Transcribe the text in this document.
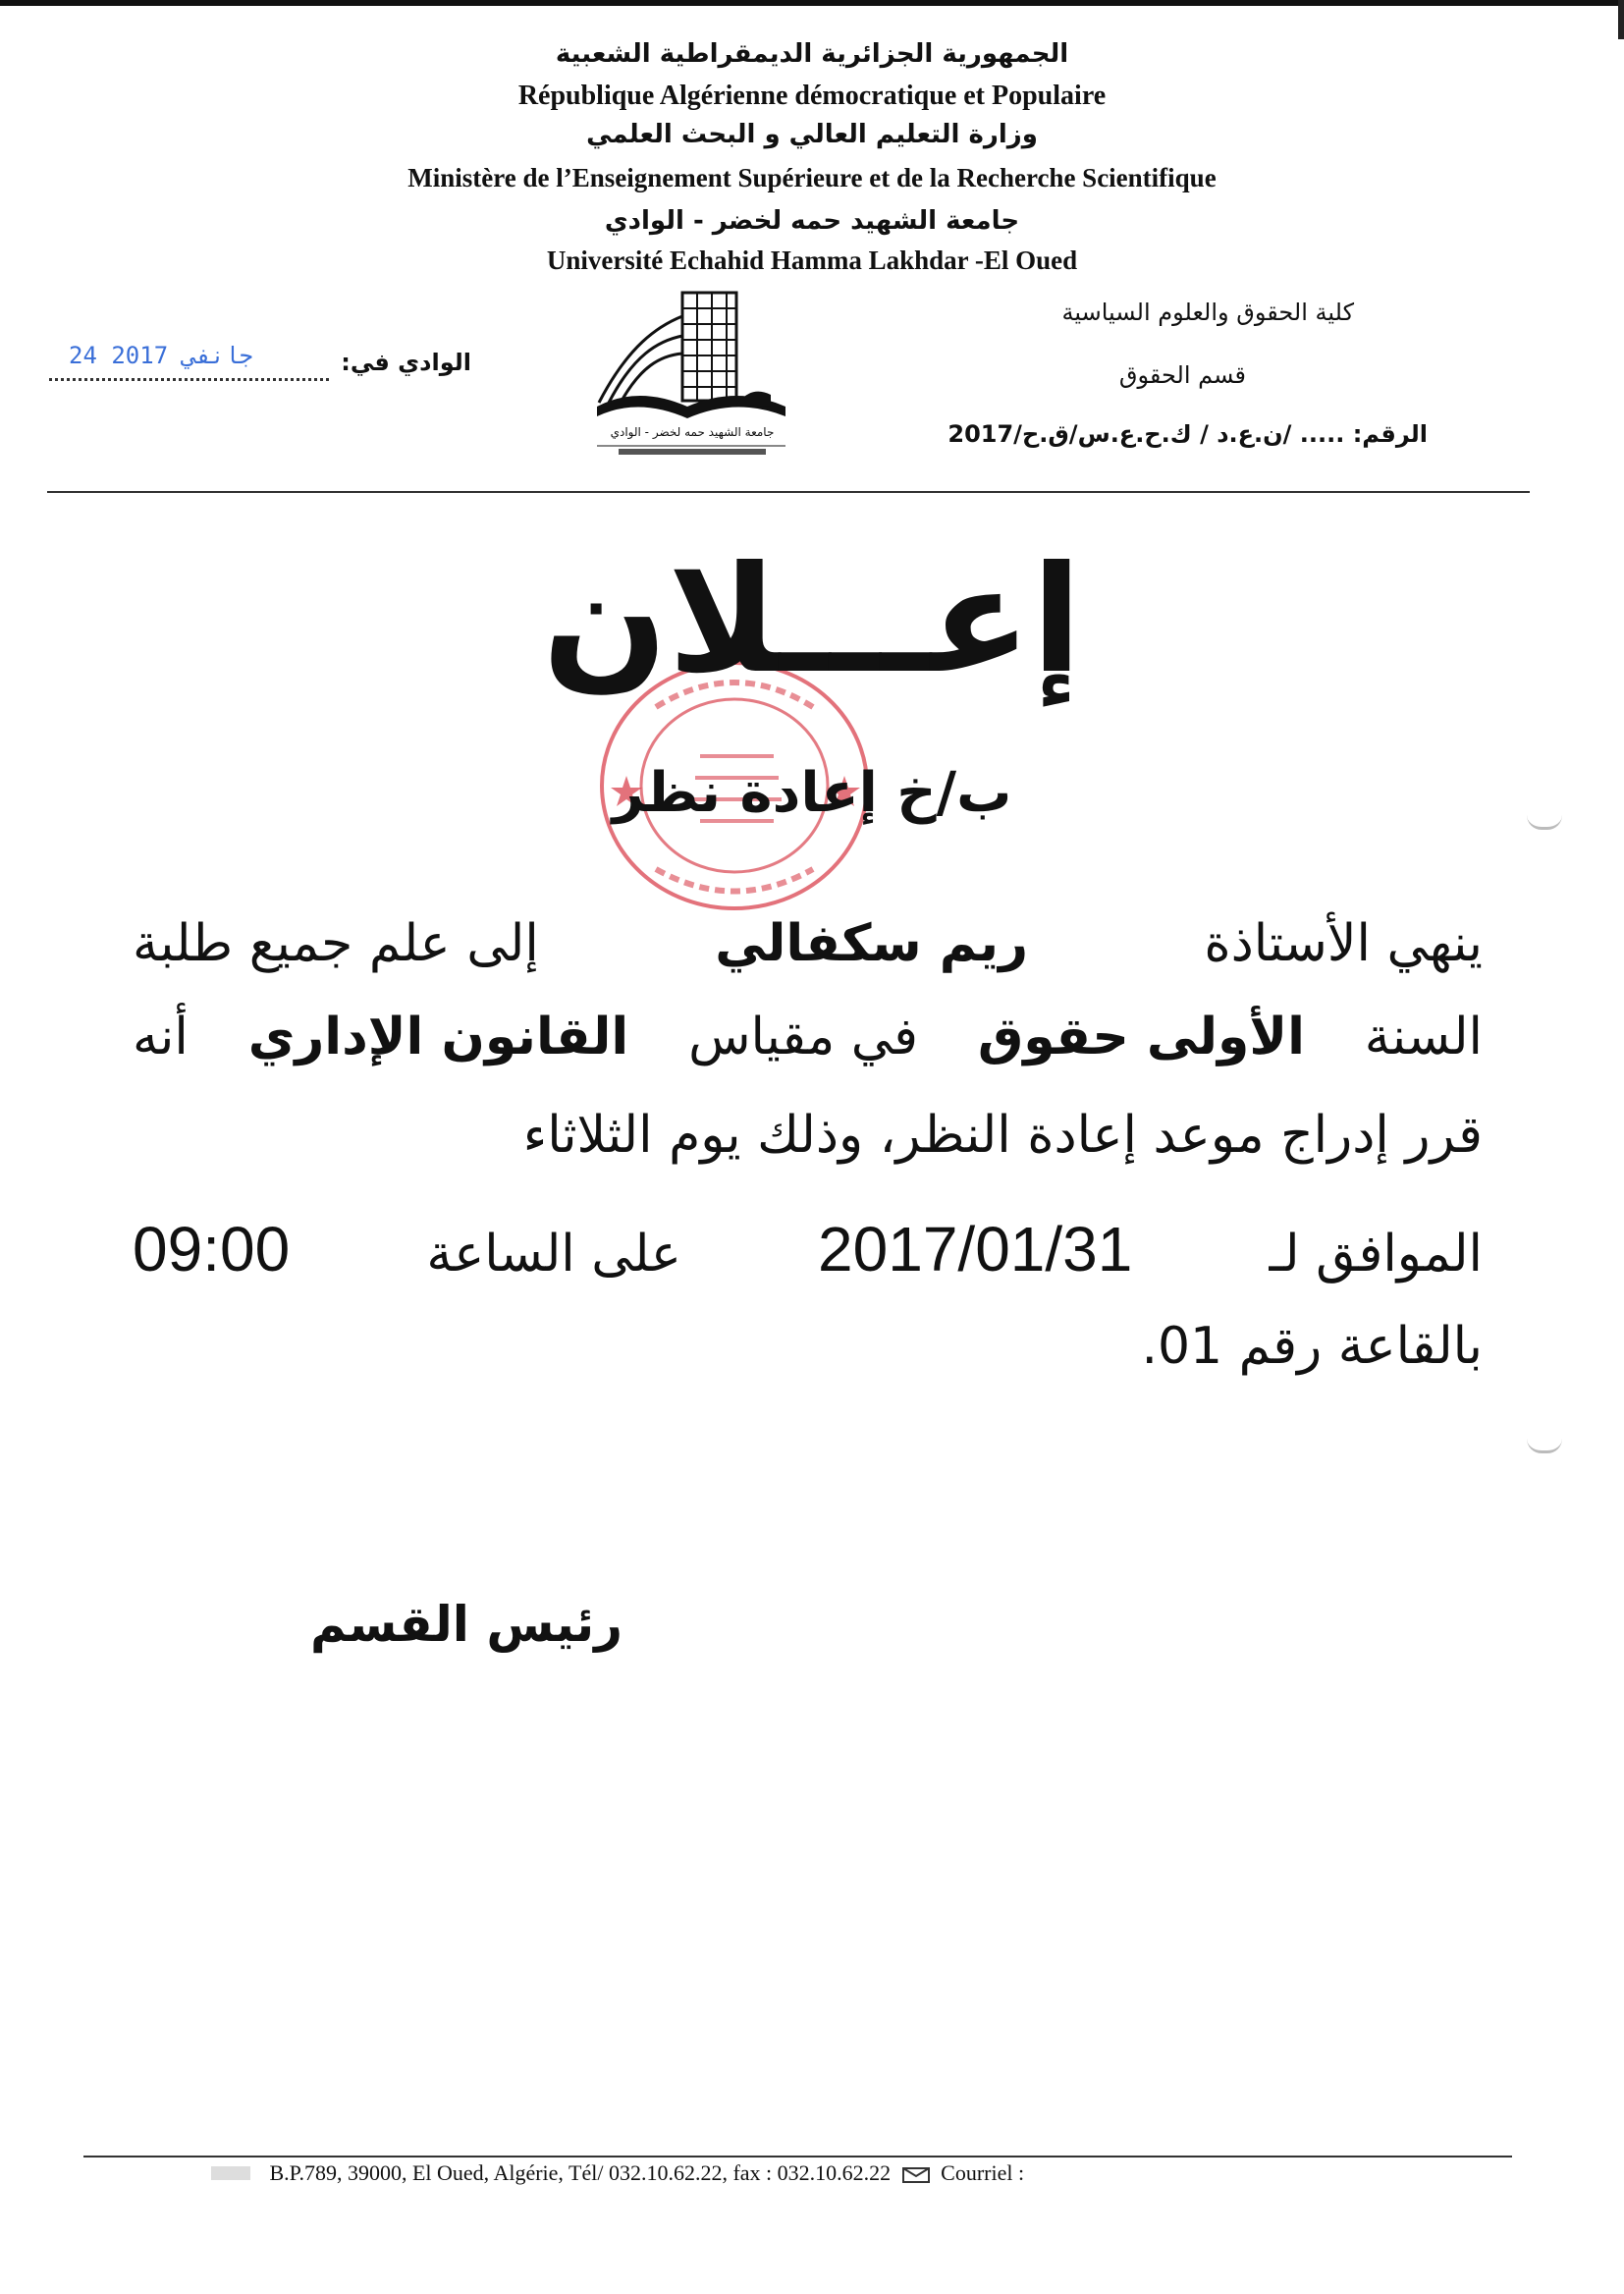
الجمهورية الجزائرية الديمقراطية الشعبية
République Algérienne démocratique et Populaire
وزارة التعليم العالي و البحث العلمي
Ministère de l’Enseignement Supérieure et de la Recherche Scientifique
جامعة الشهيد حمه لخضر - الوادي
Université Echahid Hamma Lakhdar -El Oued
كلية الحقوق والعلوم السياسية
قسم الحقوق
الرقم: ..... /ن.ع.د / ك.ح.ع.س/ق.ح/2017
الوادي في:
24 جانفي 2017
جامعة الشهيد حمه لخضر - الوادي
إعـــلان
ب/خ إعادة نظر
ينهي الأستاذة
ريم سكفالي
إلى علم جميع طلبة
السنة
الأولى حقوق
في مقياس
القانون الإداري
أنه
قرر إدراج موعد إعادة النظر، وذلك يوم الثلاثاء
الموافق لـ
2017/01/31
على الساعة
09:00
بالقاعة رقم 01.
رئيس القسم
B.P.789, 39000, El Oued, Algérie, Tél/ 032.10.62.22, fax : 032.10.62.22 Courriel :
